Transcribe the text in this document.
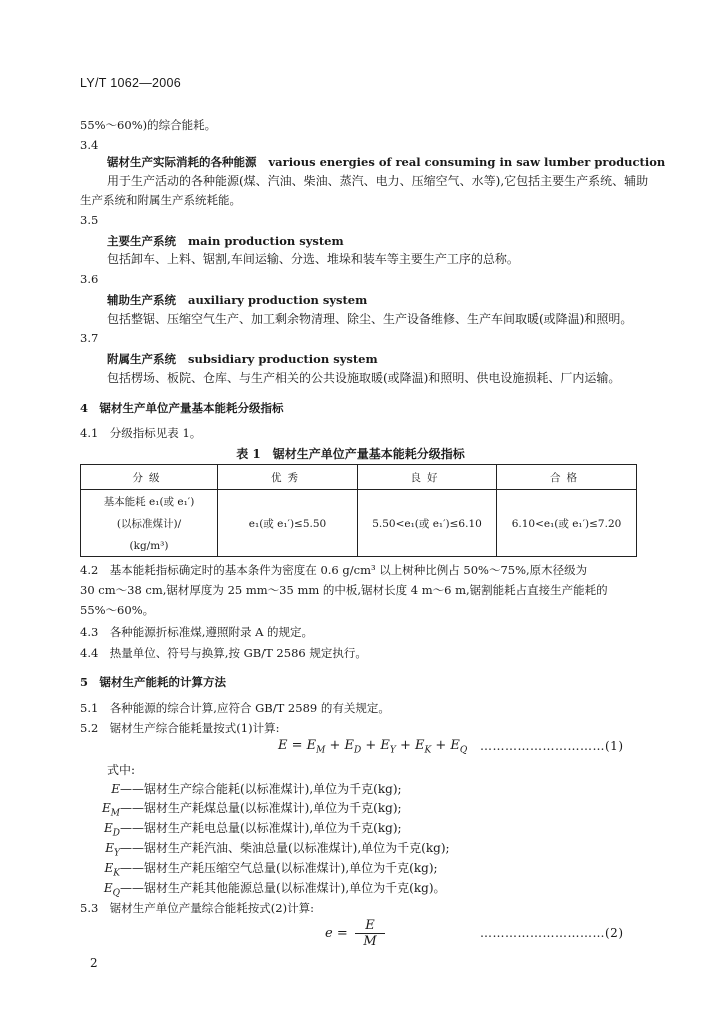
LY/T 1062—2006
55%～60%)的综合能耗。
3.4
锯材生产实际消耗的各种能源 various energies of real consuming in saw lumber production
用于生产活动的各种能源(煤、汽油、柴油、蒸汽、电力、压缩空气、水等),它包括主要生产系统、辅助
生产系统和附属生产系统耗能。
3.5
主要生产系统 main production system
包括卸车、上料、锯割,车间运输、分选、堆垛和装车等主要生产工序的总称。
3.6
辅助生产系统 auxiliary production system
包括整锯、压缩空气生产、加工剩余物清理、除尘、生产设备维修、生产车间取暖(或降温)和照明。
3.7
附属生产系统 subsidiary production system
包括楞场、板院、仓库、与生产相关的公共设施取暖(或降温)和照明、供电设施损耗、厂内运输。
4　锯材生产单位产量基本能耗分级指标
4.1　分级指标见表 1。
表 1　锯材生产单位产量基本能耗分级指标
分级	优秀	良好	合格

基本能耗 e₁(或 e₁′)
(以标准煤计)/
(kg/m³)	e₁(或 e₁′)≤5.50	5.50<e₁(或 e₁′)≤6.10	6.10<e₁(或 e₁′)≤7.20
4.2　基本能耗指标确定时的基本条件为密度在 0.6 g/cm³ 以上树种比例占 50%～75%,原木径级为
30 cm～38 cm,锯材厚度为 25 mm～35 mm 的中板,锯材长度 4 m～6 m,锯割能耗占直接生产能耗的
55%～60%。
4.3　各种能源折标准煤,遵照附录 A 的规定。
4.4　热量单位、符号与换算,按 GB/T 2586 规定执行。
5　锯材生产能耗的计算方法
5.1　各种能源的综合计算,应符合 GB/T 2589 的有关规定。
5.2　锯材生产综合能耗量按式(1)计算:
$E = E_M + E_D + E_Y + E_K + E_Q$ …………………………(1)
式中:
E——锯材生产综合能耗(以标准煤计),单位为千克(kg);
$E_M——$锯材生产耗煤总量(以标准煤计),单位为千克(kg);
$E_D——$锯材生产耗电总量(以标准煤计),单位为千克(kg);
$E_Y——$锯材生产耗汽油、柴油总量(以标准煤计),单位为千克(kg);
$E_K——$锯材生产耗压缩空气总量(以标准煤计),单位为千克(kg);
$E_Q——$锯材生产耗其他能源总量(以标准煤计),单位为千克(kg)。
5.3　锯材生产单位产量综合能耗按式(2)计算:
$e = \frac{E}{M}$	…………………………(2)
2
